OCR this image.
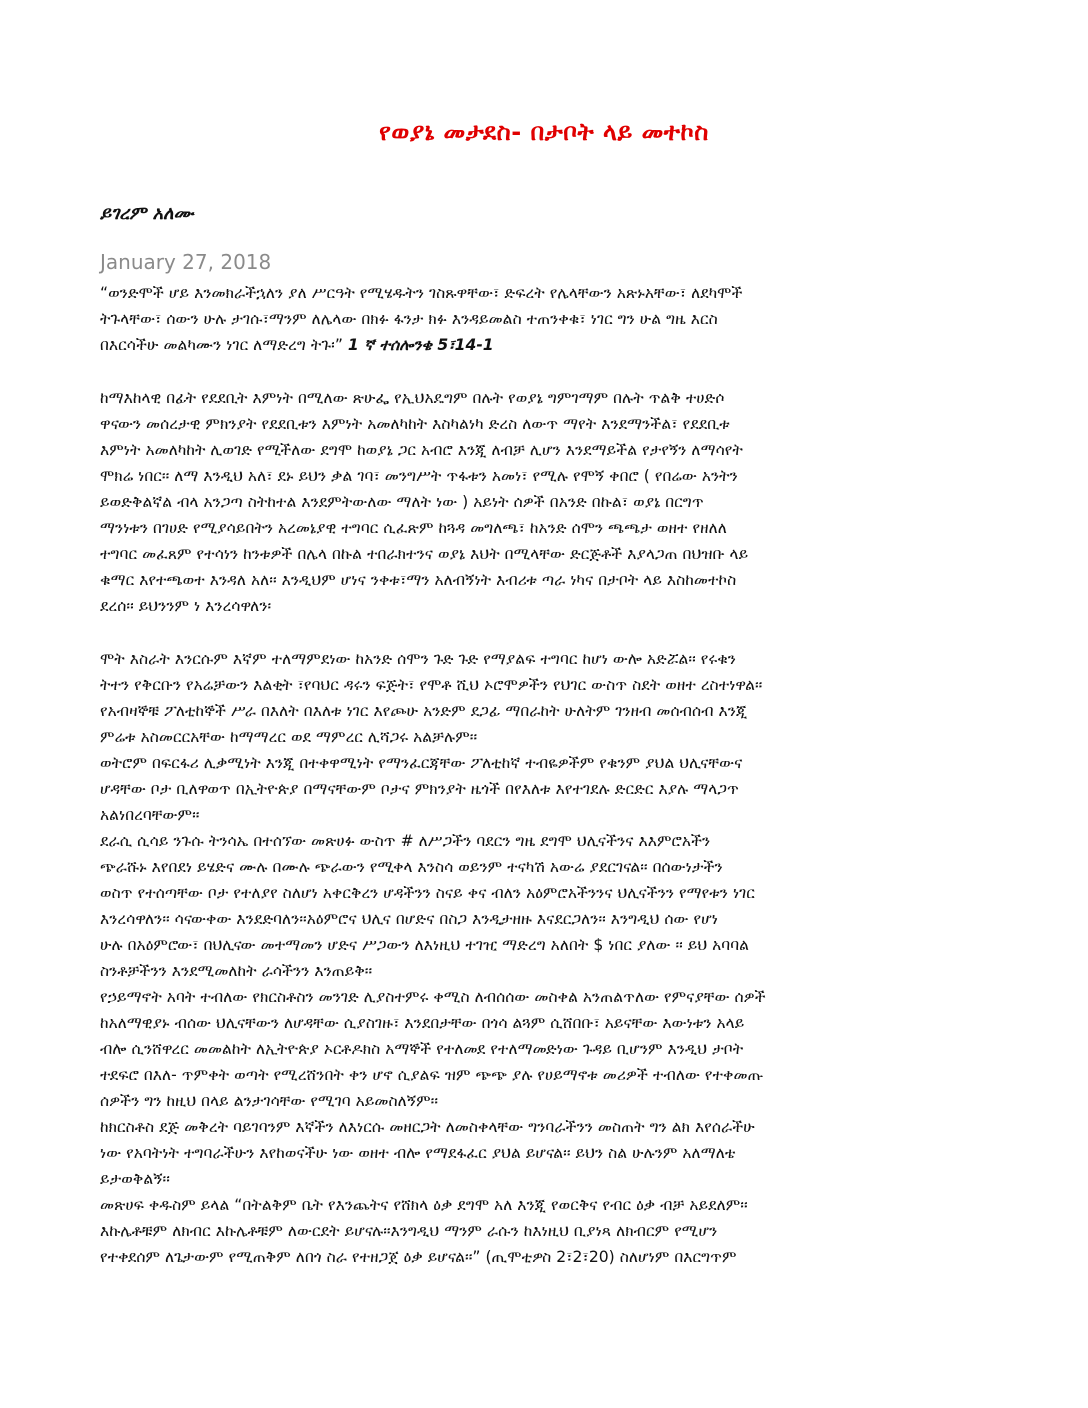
የወያኔ መታደስ- በታቦት ላይ መተኮስ
ይገረም አለሙ
January 27, 2018
“ወንድሞች ሆይ እንመክራችኋለን ያለ ሥርዓት የሚሄዱትን ገስጹዋቸው፣ ድፍረት የሌላቸውን አጽኑአቸው፣ ለደካሞች
ትጉላቸው፣ ሰውን ሁሉ ታገሱ፣ማንም ለሌላው በክፉ ፋንታ ክፉ እንዳይመልስ ተጠንቀቁ፣ ነገር ግን ሁል ግዜ እርስ
በእርሳችሁ መልካሙን ነገር ለማድረግ ትጉ፡” 1 ኛ ተሰሎንቄ 5፣14-1
ከማእከላዊ በፊት የደደቢት እምነት በሚለው ጽሁፌ የኢህአዴግም በሉት የወያኔ ግምገማም በሉት ጥልቅ ተሀድሶ
ዋናውን መሰረታዊ ምክንያት የደደቢቱን እምነት አመለካከት እስካልነካ ድረስ ለውጥ ማየት እንደማንችል፣ የደደቢቱ
እምነት አመለካከት ሊወገድ የሚችለው ደግሞ ከወያኔ ጋር አብሮ እንጂ ለብቻ ሊሆን እንደማይችል የታየኝን ለማሳየት
ሞክሬ ነበር፡፡ ለማ እንዲህ አለ፣ ደኑ ይህን ቃል ገባ፣ መንግሥት ጥፋቱን አመነ፣ የሚሉ የሞኝ ቀበሮ ( የበሬው አንትን
ይወድቅልኛል ብላ አንጋጣ ስትከተል እንደምትውለው ማለት ነው ) አይነት ሰዎች በአንድ በኩል፣ ወያኔ በርግጥ
ማንነቱን በገሀድ የሚያሳይበትን አረመኔያዊ ተግባር ሲፈጽም ከጓዳ መግለጫ፣ ከአንድ ሰሞን ጫጫታ ወዘተ የዘለለ
ተግባር መፈጸም የተሳነን ከንቱዎች በሌላ በኩል ተበራክተንና ወያኔ እህት በሚላቸው ድርጅቶች እያላጋጠ በህዝቡ ላይ
ቁማር እየተጫወተ እንዳለ አለ፡፡ እንዲህም ሆነና ንቀቱ፣ማን አለብኝነት እብሪቱ ጣራ ነካና በታቦት ላይ እስከመተኮስ
ደረሰ፡፡ ይህንንም ነ እንረሳዋለን፡
ሞት እስራት እንርሱም እኛም ተለማምደነው ከአንድ ሰሞን ጉድ ጉድ የማያልፍ ተግባር ከሆነ ውሎ አድሯል፡፡ የሩቁን
ትተን የቅርቡን የአሬቻውን እልቂት ፣የባህር ዳሩን ፍጅት፣ የሞቶ ሺህ ኦሮሞዎችን የህገር ውስጥ ስደት ወዘተ ረስተነዋል፡፡
የአብዛኞቹ ፖለቲከኞች ሥራ በእለት በእለቱ ነገር እየጮሁ አንድም ደጋፊ ማበራከት ሁለትም ገንዘብ መሰብሰብ እንጂ
ምሬቱ አስመርርአቸው ከማማረር ወደ ማምረር ሊሻጋሩ አልቻሉም፡፡
ወትሮም በፍርፋሪ ሊቃሚነት እንጂ በተቀዋሚነት የማንፈርጃቸው ፖለቲከኛ ተብዬዎችም የቁንም ያህል ህሊናቸውና
ሆዳቸው ቦታ ቢለዋወጥ በኢትዮጵያ በማናቸውም ቦታና ምክንያት ዜጎች በየእለቱ እየተገደሉ ድርድር እያሉ ማላጋጥ
አልነበረባቸውም፡፡
ደራሲ ሲሳይ ንጉሱ ትንሳኤ በተሰኘው መጽሀፉ ውስጥ # ለሥጋችን ባደርን ግዜ ደግሞ ህሊናችንና እእምሮአችን
ጭራሹኑ እየበደነ ይሄድና ሙሉ በሙሉ ጭራውን የሚቀላ እንስሳ ወይንም ተናካሽ አውሬ ያደርገናል፡፡ በሰውነታችን
ወስጥ የተሰጣቸው ቦታ የተለያየ ስለሆነ አቀርቅረን ሆዳችንን ስናይ ቀና ብለን አዕምሮአችንንና ህሊናችንን የማየቱን ነገር
እንረሳዋለን፡፡ ሳናውቀው እንደድባለን፡፡አዕምሮና ህሊና በሆድና በስጋ እንዲታዘዙ እናደርጋለን፡፡ እንግዲህ ሰው የሆነ
ሁሉ በአዕምሮው፣ በህሊናው መተማመን ሆድና ሥጋውን ለእነዚህ ተገዢ ማድረግ አለበት $ ነበር ያለው ፡፡ ይህ አባባል
ስንቶቻችንን እንደሚመለከት ራሳችንን እንጠይቅ፡፡
የኃይማኖት አባት ተብለው የክርስቶስን መንገድ ሊያስተምሩ ቀሚስ ለብሰሰው መስቀል አንጠልጥለው የምናያቸው ሰዎች
ከአለማዊያኑ ብሰው ህሊናቸውን ለሆዳቸው ሲያስገዙ፣ እንደበታቸው በጎሳ ልጓም ሲሸበቡ፣ አይናቸው እውነቱን አላይ
ብሎ ሲንሸዋረር መመልከት ለኢትዮጵያ ኦርቶዶክስ አማኞች የተለመደ የተለማመድነው ጉዳይ ቢሆንም እንዲህ ታቦት
ተደፍሮ በእለ- ጥምቀት ወጣት የሚረሸንበት ቀን ሆኖ ሲያልፍ ዝም ጭጭ ያሉ የሀይማኖቱ መሪዎች ተብለው የተቀመጡ
ሰዎችን ግን ከዚህ በላይ ልንታገሳቸው የሚገባ አይመስለኝም፡፡
ከክርስቶስ ደጅ መቅረት ባይገባንም እኛችን ለእነርሱ መዘርጋት ለመስቀላቸው ግንባራችንን መስጠት ግን ልክ እየሰራችሁ
ነው የአባትነት ተግባራችሁን እየከወናችሁ ነው ወዘተ ብሎ የማደፋፈር ያህል ይሆናል፡፡ ይህን ስል ሁሉንም አለማለቴ
ይታወቅልኝ፡፡
መጽሀፍ ቀዱስም ይላል “በትልቅም ቤት የእንጨትና የሸክላ ዕቃ ደግሞ አለ እንጂ የወርቅና የብር ዕቃ ብቻ አይደለም፡፡
እኩሌቶቹም ለክብር እኩሌቶቹም ለውርደት ይሆናሉ፡፡እንግዲህ ማንም ራሱን ከእነዚህ ቢያነጻ ለክብርም የሚሆን
የተቀደሰም ለጌታውም የሚጠቅም ለበጎ ስራ የተዘጋጀ ዕቃ ይሆናል፡፡” (ጢሞቲዎስ 2፣2፣20) ስለሆነም በእርግጥም
